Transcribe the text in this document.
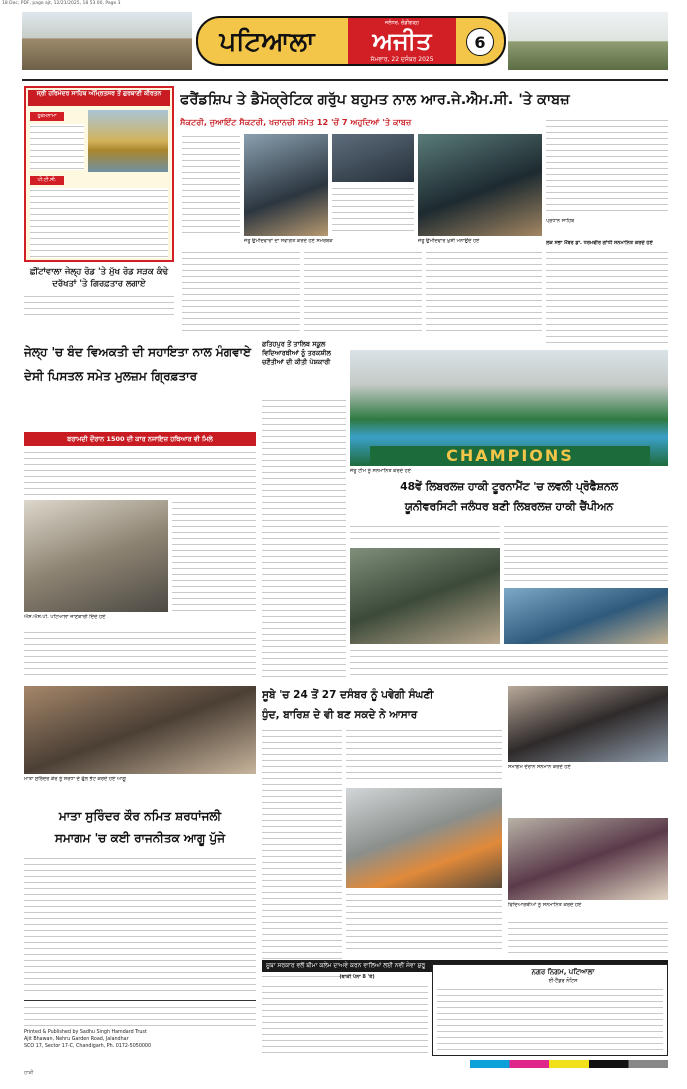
18 Dec, PDF, page ajt, 12/21/2025, 18 53 00, Page 3
ਪਟਿਆਲਾ
ਜਲੰਧਰ, ਚੰਡੀਗੜ੍ਹ
ਅਜੀਤ
ਸੋਮਵਾਰ, 22 ਦਸੰਬਰ 2025
6
ਸ੍ਰੀ ਹਰਿਮੰਦਰ ਸਾਹਿਬ ਅੰਮ੍ਰਿਤਸਰ ਤੋਂ ਗੁਰਬਾਣੀ ਕੀਰਤਨ
ਹੁਕਮਨਾਮਾ
ਪੀ.ਟੀ.ਸੀ.
ਛੀਂਟਾਂਵਾਲਾ ਜੇਲ੍ਹ ਰੋਡ 'ਤੇ ਮੁੱਖ ਰੋਡ ਸੜਕ ਕੰਢੇ ਦਰੱਖਤਾਂ 'ਤੇ ਗਿਰਫ਼ਤਾਰ ਲਗਾਏ
ਫਰੈਂਡਸ਼ਿਪ ਤੇ ਡੈਮੋਕ੍ਰੇਟਿਕ ਗਰੁੱਪ ਬਹੁਮਤ ਨਾਲ ਆਰ.ਜੇ.ਐਮ.ਸੀ. 'ਤੇ ਕਾਬਜ਼
ਸੈਕਟਰੀ, ਜੁਆਇੰਟ ਸੈਕਟਰੀ, ਖਜ਼ਾਨਚੀ ਸਮੇਤ 12 'ਚੋਂ 7 ਅਹੁਦਿਆਂ 'ਤੇ ਕਾਬਜ਼
ਜੇਤੂ ਉਮੀਦਵਾਰਾਂ ਦਾ ਸਵਾਗਤ ਕਰਦੇ ਹੋਏ ਸਮਰਥਕ	ਜੇਤੂ ਉਮੀਦਵਾਰ ਖੁਸ਼ੀ ਮਨਾਉਂਦੇ ਹੋਏ
ਪ੍ਰਧਾਨ ਸਾਹਿਬ
ਲੋਕ ਸਭਾ ਮੈਂਬਰ ਡਾ. ਧਰਮਵੀਰ ਗਾਂਧੀ ਸਨਮਾਨਿਤ ਕਰਦੇ ਹੋਏ
ਜੇਲ੍ਹ 'ਚ ਬੰਦ ਵਿਅਕਤੀ ਦੀ ਸਹਾਇਤਾ ਨਾਲ ਮੰਗਵਾਏ ਦੇਸੀ ਪਿਸਤਲ ਸਮੇਤ ਮੁਲਜ਼ਮ ਗ੍ਰਿਫ਼ਤਾਰ
ਬਰਾਮਦੀ ਦੌਰਾਨ 1500 ਦੀ ਕਾਰ ਨਜਾਇਜ਼ ਹਥਿਆਰ ਵੀ ਮਿਲੇ
ਐਸ.ਐਸ.ਪੀ. ਪਟਿਆਲਾ ਜਾਣਕਾਰੀ ਦਿੰਦੇ ਹੋਏ
ਫ਼ਤਿਹਪੁਰ ਤੋਂ ਤਾਲਿਬ ਸਕੂਲ ਵਿਦਿਆਰਥੀਆਂ ਨੂੰ ਤਰਕਸ਼ੀਲ ਚਣੌਤੀਆਂ ਦੀ ਕੀਤੀ ਪੇਸ਼ਕਾਰੀ
CHAMPIONS
ਜੇਤੂ ਟੀਮ ਨੂੰ ਸਨਮਾਨਿਤ ਕਰਦੇ ਹੋਏ
48ਵੇਂ ਲਿਬਰਲਜ਼ ਹਾਕੀ ਟੂਰਨਾਮੈਂਟ 'ਚ ਲਵਲੀ ਪ੍ਰੋਫੈਸ਼ਨਲ
ਯੂਨੀਵਰਸਿਟੀ ਜਲੰਧਰ ਬਣੀ ਲਿਬਰਲਜ਼ ਹਾਕੀ ਚੈਂਪੀਅਨ
ਮਾਤਾ ਸੁਰਿੰਦਰ ਕੌਰ ਨੂੰ ਸ਼ਰਧਾ ਦੇ ਫੁੱਲ ਭੇਟ ਕਰਦੇ ਹੋਏ ਆਗੂ
ਮਾਤਾ ਸੁਰਿੰਦਰ ਕੌਰ ਨਮਿਤ ਸ਼ਰਧਾਂਜਲੀ
ਸਮਾਗਮ 'ਚ ਕਈ ਰਾਜਨੀਤਕ ਆਗੂ ਪੁੱਜੇ
ਸੂਬੇ 'ਚ 24 ਤੋਂ 27 ਦਸੰਬਰ ਨੂੰ ਪਵੇਗੀ ਸੰਘਣੀ
ਧੁੰਦ, ਬਾਰਿਸ਼ ਦੇ ਵੀ ਬਣ ਸਕਦੇ ਨੇ ਆਸਾਰ
ਸਮਾਗਮ ਦੌਰਾਨ ਸਨਮਾਨ ਕਰਦੇ ਹੋਏ
ਵਿਦਿਆਰਥੀਆਂ ਨੂੰ ਸਨਮਾਨਿਤ ਕਰਦੇ ਹੋਏ
ਸੂਬਾ ਸਰਕਾਰ ਵਲੋਂ ਬੀਮਾ ਕਲੇਮ ਦਾਅਵੇ ਕਰਨ ਵਾਲਿਆਂ ਲਈ ਨਵੀਂ ਸੇਵਾ ਸ਼ੁਰੂ
(ਬਾਕੀ ਪੰਨਾ 8 'ਤੇ)
ਨਗਰ ਨਿਗਮ, ਪਟਿਆਲਾ
ਈ-ਟੈਂਡਰ ਨੋਟਿਸ
Printed & Published by Sadhu Singh Hamdard Trust
Ajit Bhawan, Nehru Garden Road, Jalandhar
SCO 17, Sector 17-C, Chandigarh, Ph. 0172-5050000
ਹਾਕੀ
